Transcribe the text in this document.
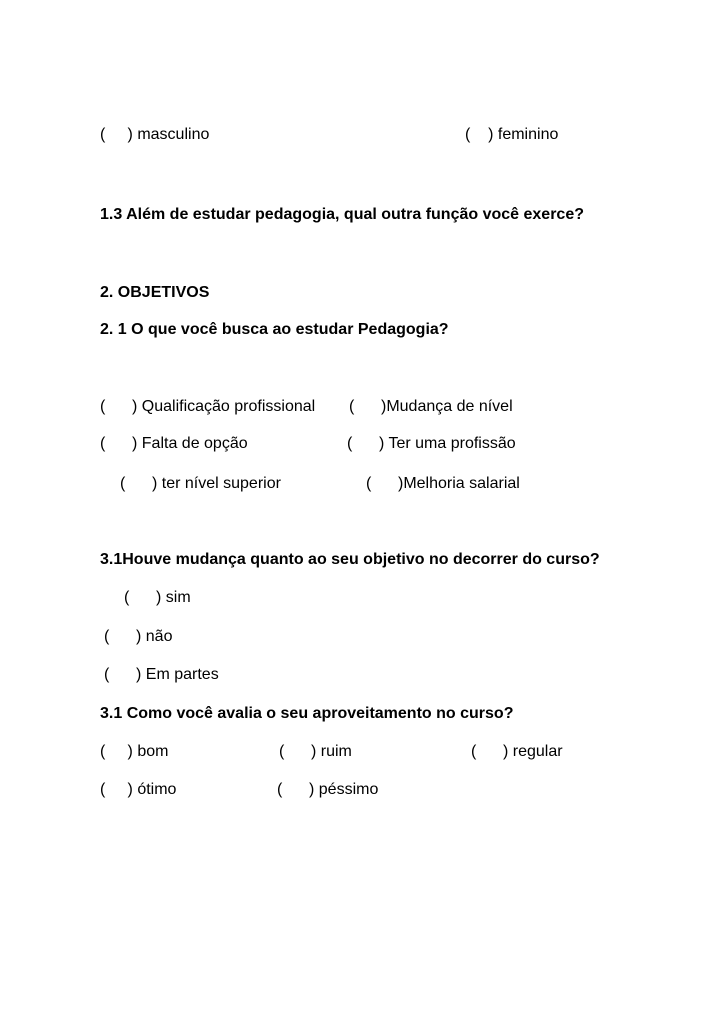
(     ) masculino	(    ) feminino
1.3 Além de estudar pedagogia, qual outra função você exerce?
2. OBJETIVOS
2. 1 O que você busca ao estudar Pedagogia?
(      ) Qualificação profissional (      )Mudança de nível
(      ) Falta de opção	(      ) Ter uma profissão
(      ) ter nível superior	(      )Melhoria salarial
3.1Houve mudança quanto ao seu objetivo no decorrer do curso?
(      ) sim
(      ) não
(      ) Em partes
3.1 Como você avalia o seu aproveitamento no curso?
(     ) bom	(      ) ruim	(      ) regular
(     ) ótimo	(      ) péssimo
